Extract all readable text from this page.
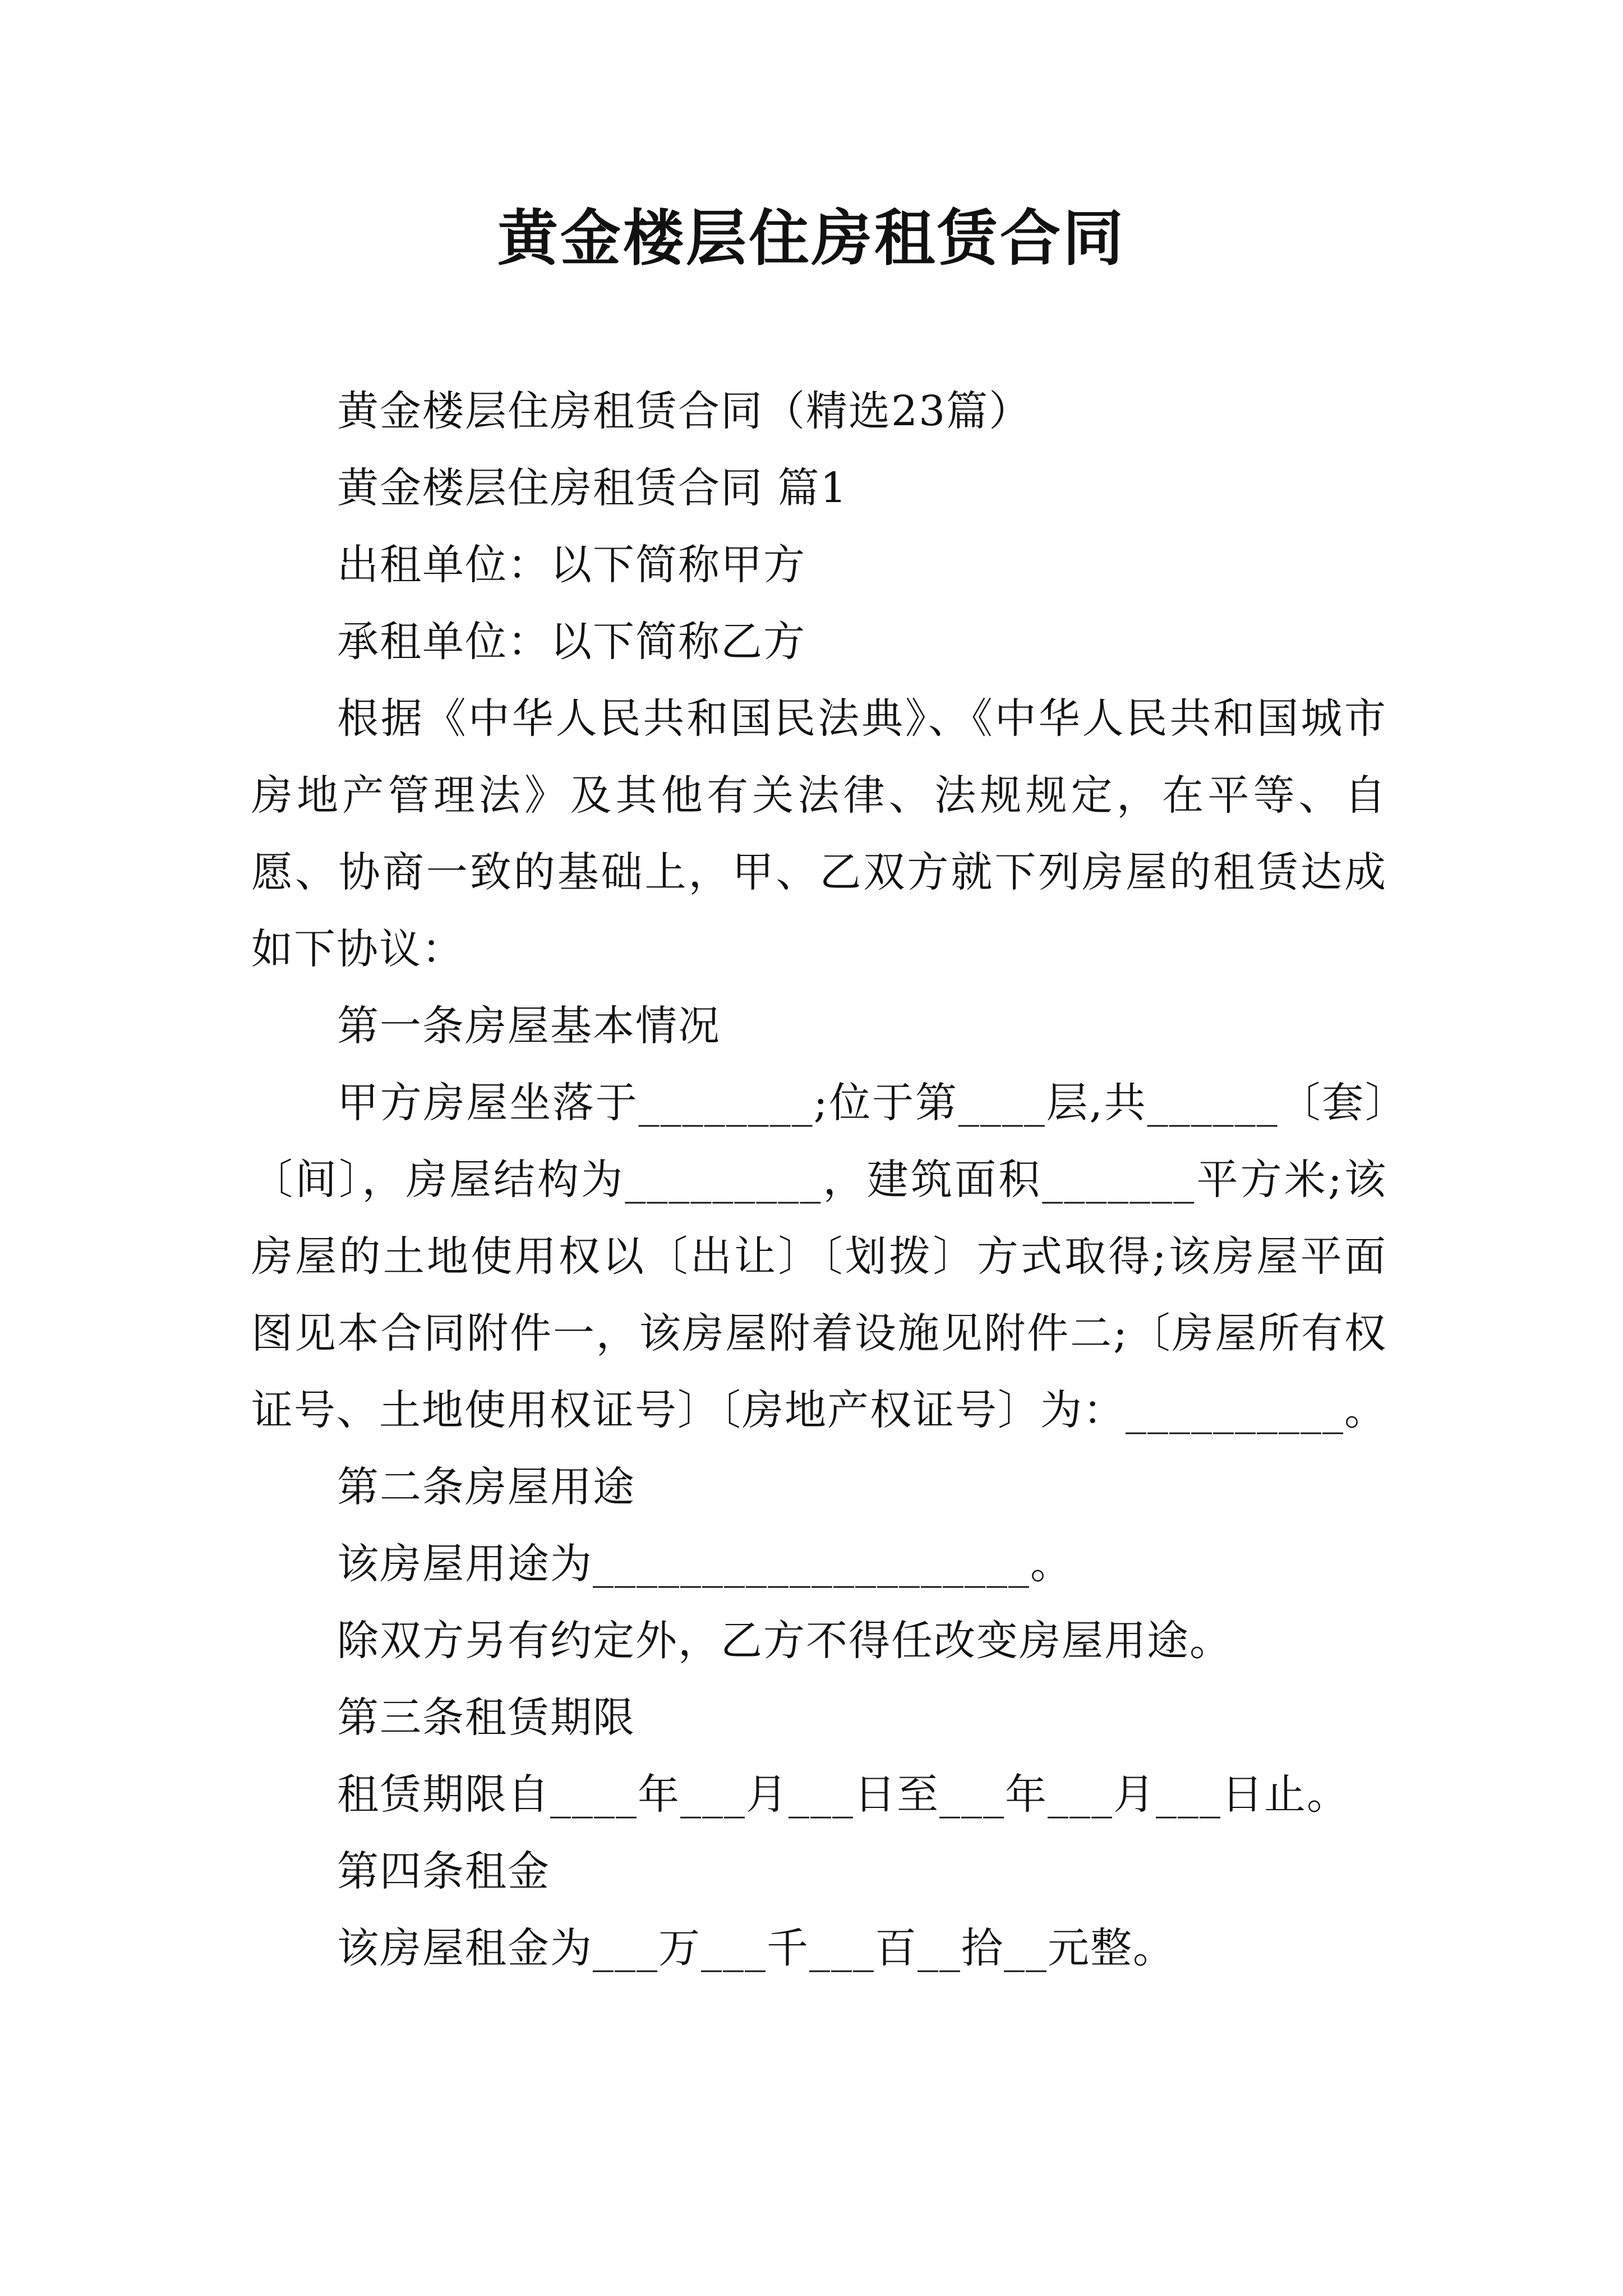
黄金楼层住房租赁合同

黄金楼层住房租赁合同（精选23篇）

黄金楼层住房租赁合同 篇1

出租单位：以下简称甲方

承租单位：以下简称乙方

根据《中华人民共和国民法典》、《中华人民共和国城市房地产管理法》及其他有关法律、法规规定，在平等、自愿、协商一致的基础上，甲、乙双方就下列房屋的租赁达成如下协议：

第一条房屋基本情况

甲方房屋坐落于________;位于第____层,共______〔套〕〔间〕，房屋结构为_________，建筑面积_______平方米;该房屋的土地使用权以〔出让〕〔划拨〕方式取得;该房屋平面图见本合同附件一，该房屋附着设施见附件二;〔房屋所有权证号、土地使用权证号〕〔房地产权证号〕为：__________。

第二条房屋用途

该房屋用途为____________________。

除双方另有约定外，乙方不得任改变房屋用途。

第三条租赁期限

租赁期限自____年___月___日至___年___月___日止。

第四条租金

该房屋租金为___万___千___百__拾__元整。
